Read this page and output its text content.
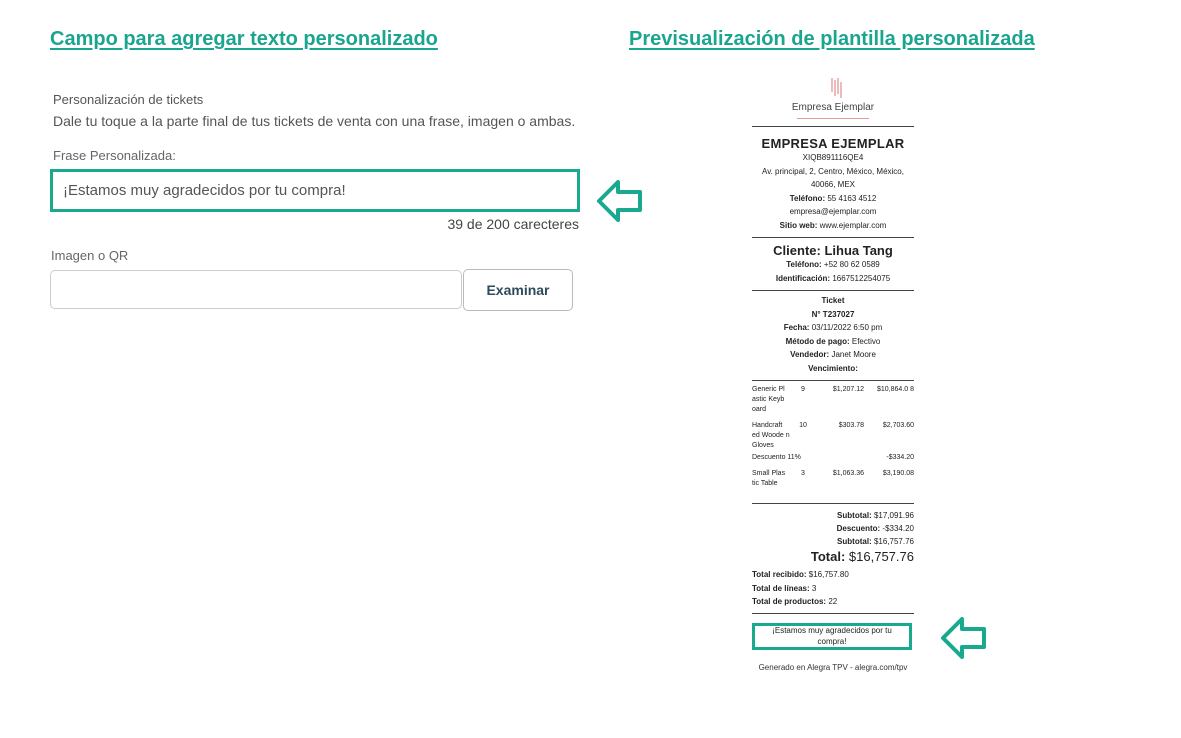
Campo para agregar texto personalizado	Previsualización de plantilla personalizada
Personalización de tickets
Dale tu toque a la parte final de tus tickets de venta con una frase, imagen o ambas.
Frase Personalizada:
¡Estamos muy agradecidos por tu compra!
39 de 200 carecteres
Imagen o QR
Examinar
Empresa Ejemplar
EMPRESA EJEMPLAR
XIQB891116QE4
Av. principal, 2, Centro, México, México, 40066, MEX
Teléfono: 55 4163 4512
empresa@ejemplar.com
Sitio web: www.ejemplar.com
Cliente: Lihua Tang
Teléfono: +52 80 62 0589
Identificación: 1667512254075
Ticket
N° T237027
Fecha: 03/11/2022 6:50 pm
Método de pago: Efectivo
Vendedor: Janet Moore
Vencimiento:
Generic Pl astic Keyb oard
9	$1,207.12	$10,864.0 8
Handcraft ed Woode n Gloves
10	$303.78	$2,703.60
Descuento 11%	-$334.20
Small Plas tic Table
3	$1,063.36	$3,190.08
Subtotal: $17,091.96
Descuento: -$334.20
Subtotal: $16,757.76
Total: $16,757.76
Total recibido: $16,757.80
Total de líneas: 3
Total de productos: 22
¡Estamos muy agradecidos por tu compra!
Generado en Alegra TPV - alegra.com/tpv
